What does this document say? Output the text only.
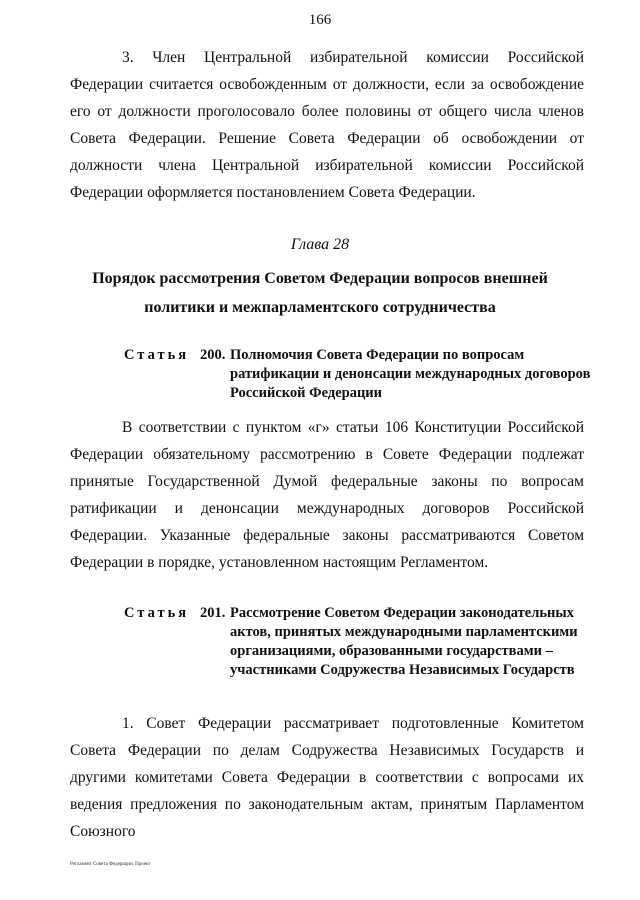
166

3. Член Центральной избирательной комиссии Российской Федерации считается освобожденным от должности, если за освобождение его от должности проголосовало более половины от общего числа членов Совета Федерации. Решение Совета Федерации об освобождении от должности члена Центральной избирательной комиссии Российской Федерации оформляется постановлением Совета Федерации.

Глава 28
Порядок рассмотрения Советом Федерации вопросов внешней политики и межпарламентского сотрудничества
Статья 200. Полномочия Совета Федерации по вопросам ратификации и денонсации международных договоров Российской Федерации

В соответствии с пунктом «г» статьи 106 Конституции Российской Федерации обязательному рассмотрению в Совете Федерации подлежат принятые Государственной Думой федеральные законы по вопросам ратификации и денонсации международных договоров Российской Федерации. Указанные федеральные законы рассматриваются Советом Федерации в порядке, установленном настоящим Регламентом.

Статья 201. Рассмотрение Советом Федерации законодательных актов, принятых международными парламентскими организациями, образованными государствами – участниками Содружества Независимых Государств

1. Совет Федерации рассматривает подготовленные Комитетом Совета Федерации по делам Содружества Независимых Государств и другими комитетами Совета Федерации в соответствии с вопросами их ведения предложения по законодательным актам, принятым Парламентом Союзного

Регламент Совета Федерации. Проект
